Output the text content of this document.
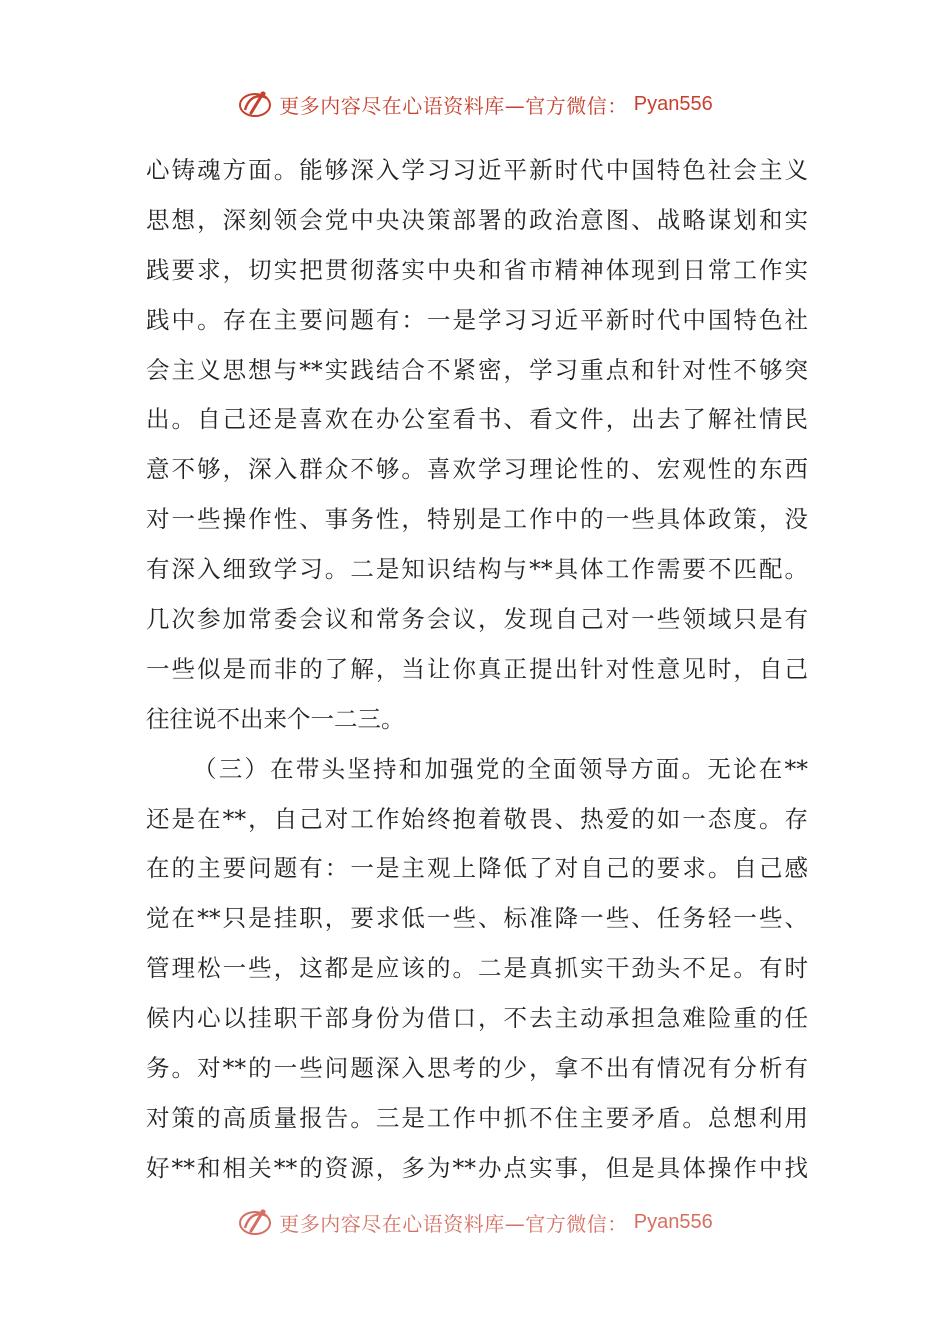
更多内容尽在心语资料库—官方微信： Pyan556
心铸魂方面。能够深入学习习近平新时代中国特色社会主义
思想，深刻领会党中央决策部署的政治意图、战略谋划和实
践要求，切实把贯彻落实中央和省市精神体现到日常工作实
践中。存在主要问题有：一是学习习近平新时代中国特色社
会主义思想与**实践结合不紧密，学习重点和针对性不够突
出。自己还是喜欢在办公室看书、看文件，出去了解社情民
意不够，深入群众不够。喜欢学习理论性的、宏观性的东西
对一些操作性、事务性，特别是工作中的一些具体政策，没
有深入细致学习。二是知识结构与**具体工作需要不匹配。
几次参加常委会议和常务会议，发现自己对一些领域只是有
一些似是而非的了解，当让你真正提出针对性意见时，自己
往往说不出来个一二三。
（三）在带头坚持和加强党的全面领导方面。无论在**
还是在**，自己对工作始终抱着敬畏、热爱的如一态度。存
在的主要问题有：一是主观上降低了对自己的要求。自己感
觉在**只是挂职，要求低一些、标准降一些、任务轻一些、
管理松一些，这都是应该的。二是真抓实干劲头不足。有时
候内心以挂职干部身份为借口，不去主动承担急难险重的任
务。对**的一些问题深入思考的少，拿不出有情况有分析有
对策的高质量报告。三是工作中抓不住主要矛盾。总想利用
好**和相关**的资源，多为**办点实事，但是具体操作中找
更多内容尽在心语资料库—官方微信： Pyan556
